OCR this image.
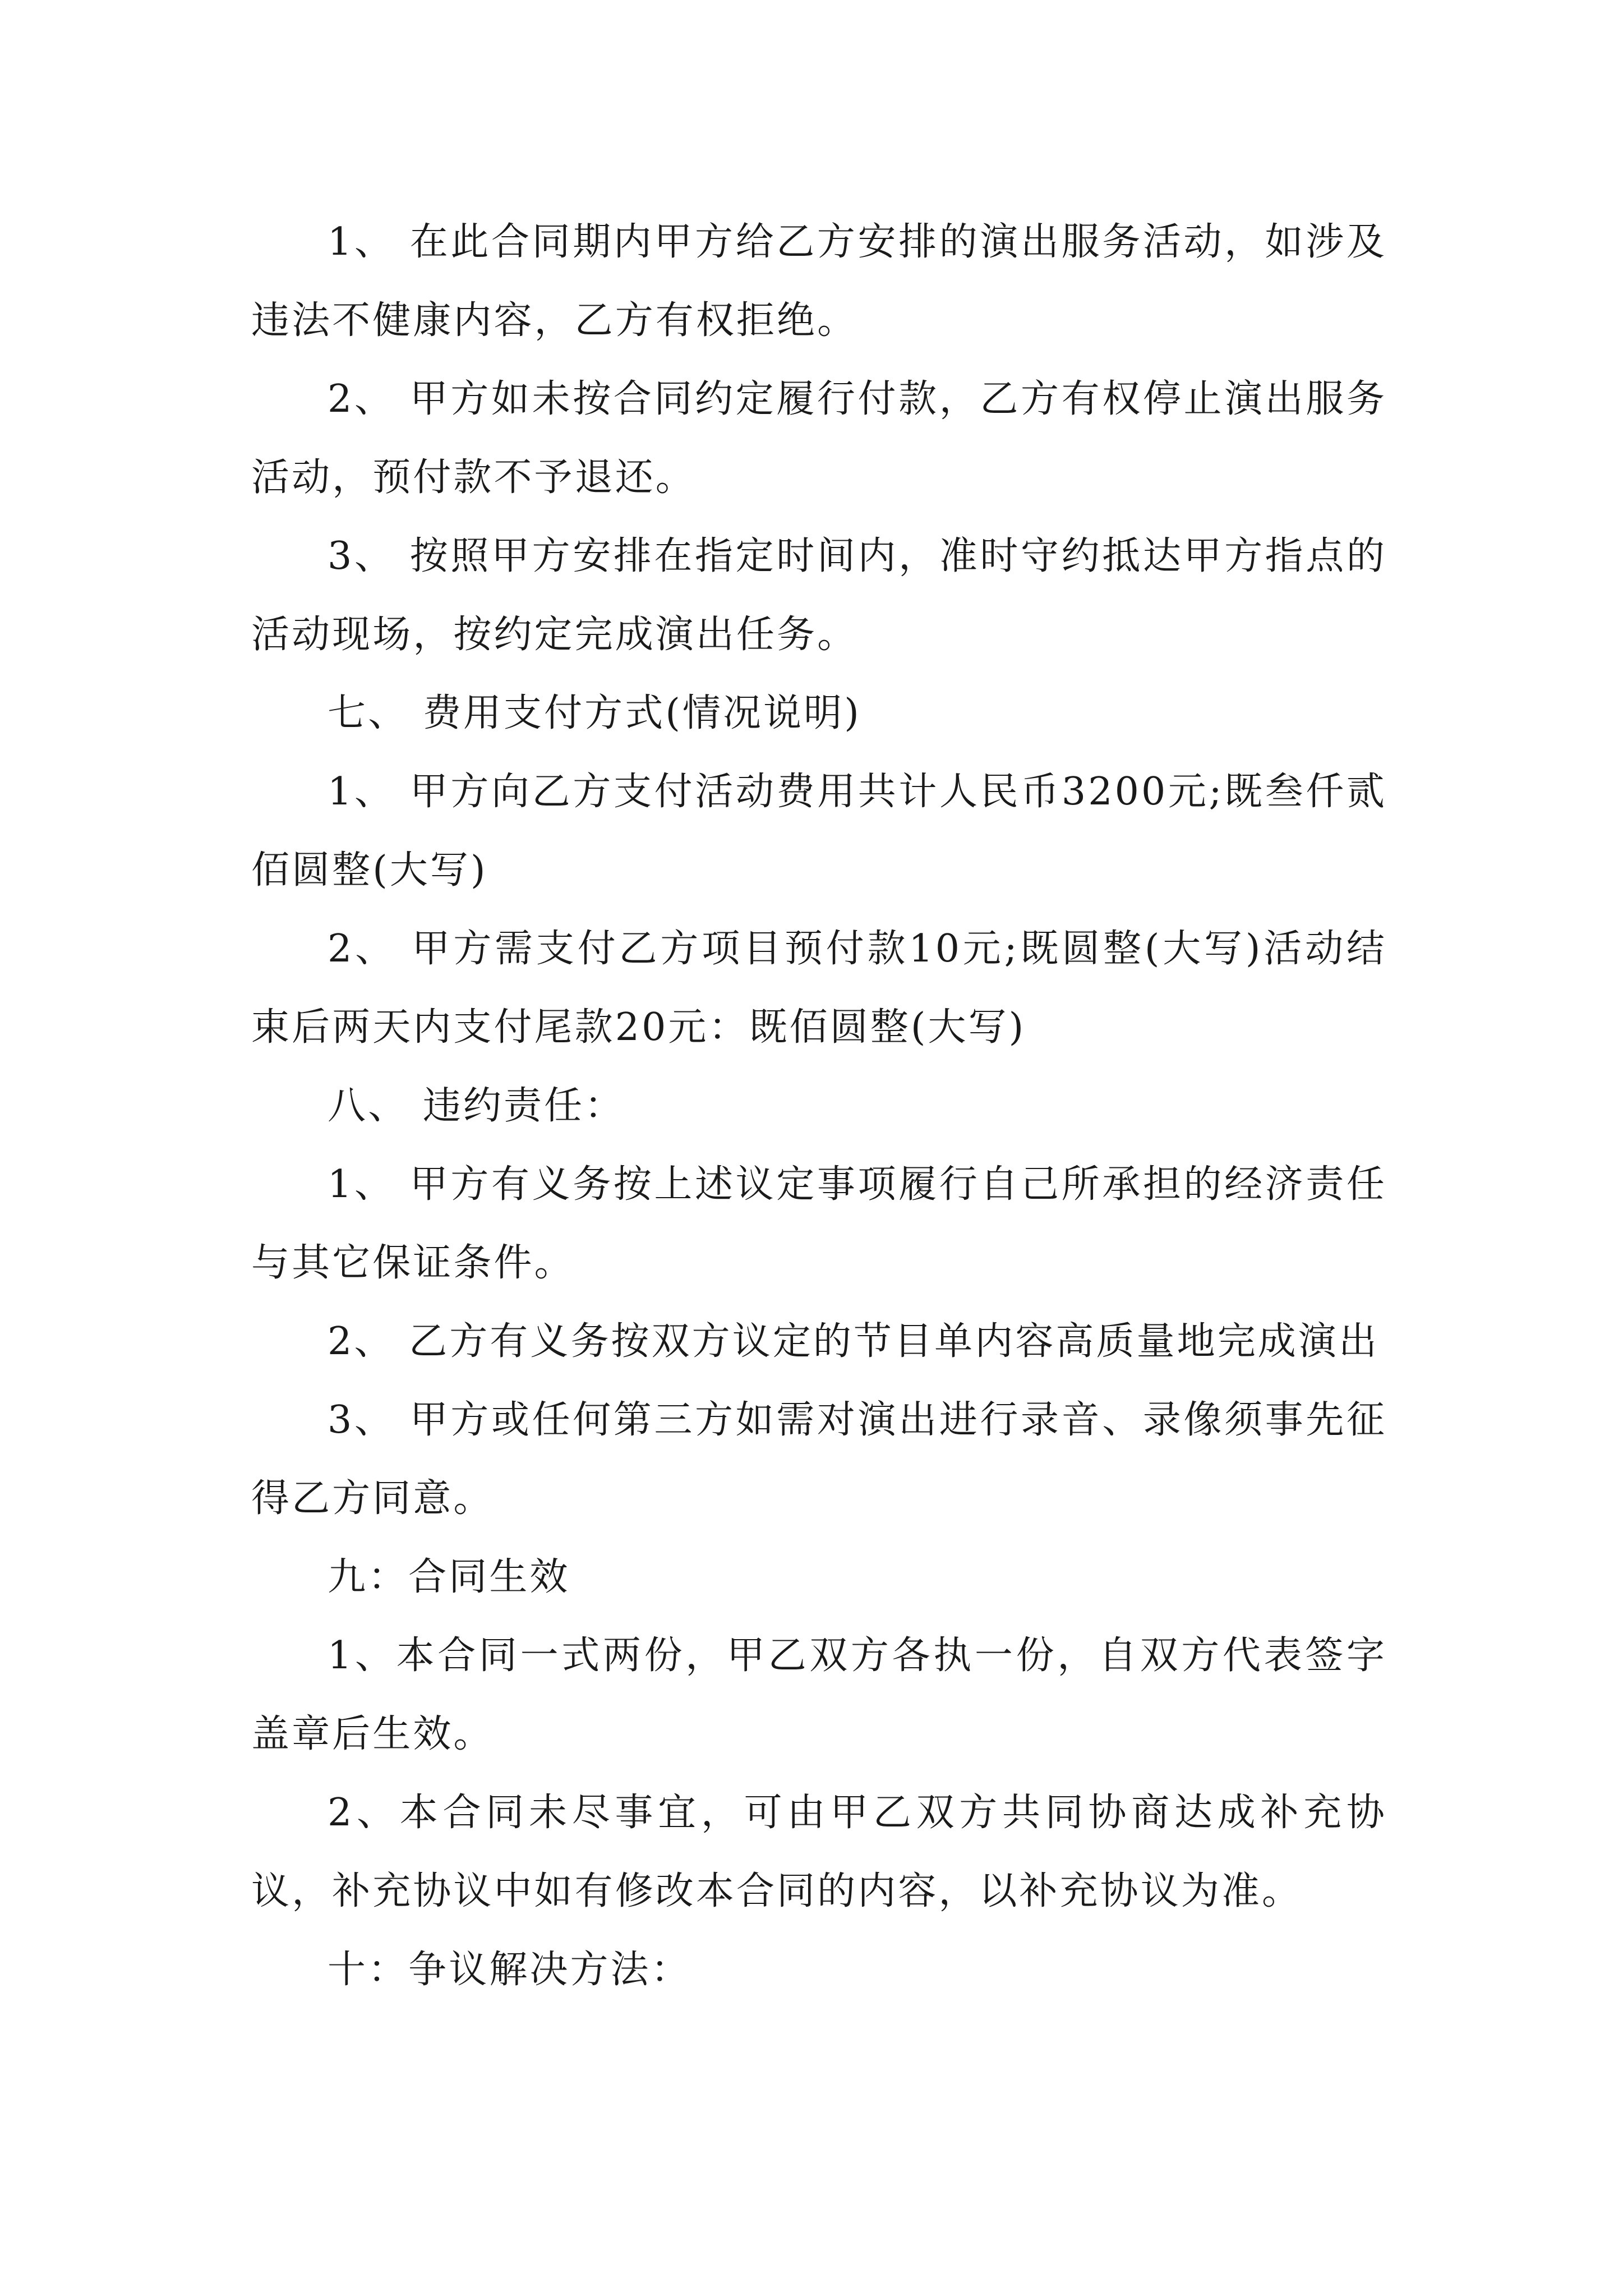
1、 在此合同期内甲方给乙方安排的演出服务活动，如涉及违法不健康内容，乙方有权拒绝。

2、 甲方如未按合同约定履行付款，乙方有权停止演出服务活动，预付款不予退还。

3、 按照甲方安排在指定时间内，准时守约抵达甲方指点的活动现场，按约定完成演出任务。

七、 费用支付方式(情况说明)

1、 甲方向乙方支付活动费用共计人民币3200元;既叁仟贰佰圆整(大写)

2、 甲方需支付乙方项目预付款10元;既圆整(大写)活动结束后两天内支付尾款20元：既佰圆整(大写)

八、 违约责任：

1、 甲方有义务按上述议定事项履行自己所承担的经济责任与其它保证条件。

2、 乙方有义务按双方议定的节目单内容高质量地完成演出

3、 甲方或任何第三方如需对演出进行录音、录像须事先征得乙方同意。

九：合同生效

1、本合同一式两份，甲乙双方各执一份，自双方代表签字盖章后生效。

2、本合同未尽事宜，可由甲乙双方共同协商达成补充协议，补充协议中如有修改本合同的内容，以补充协议为准。

十：争议解决方法：
